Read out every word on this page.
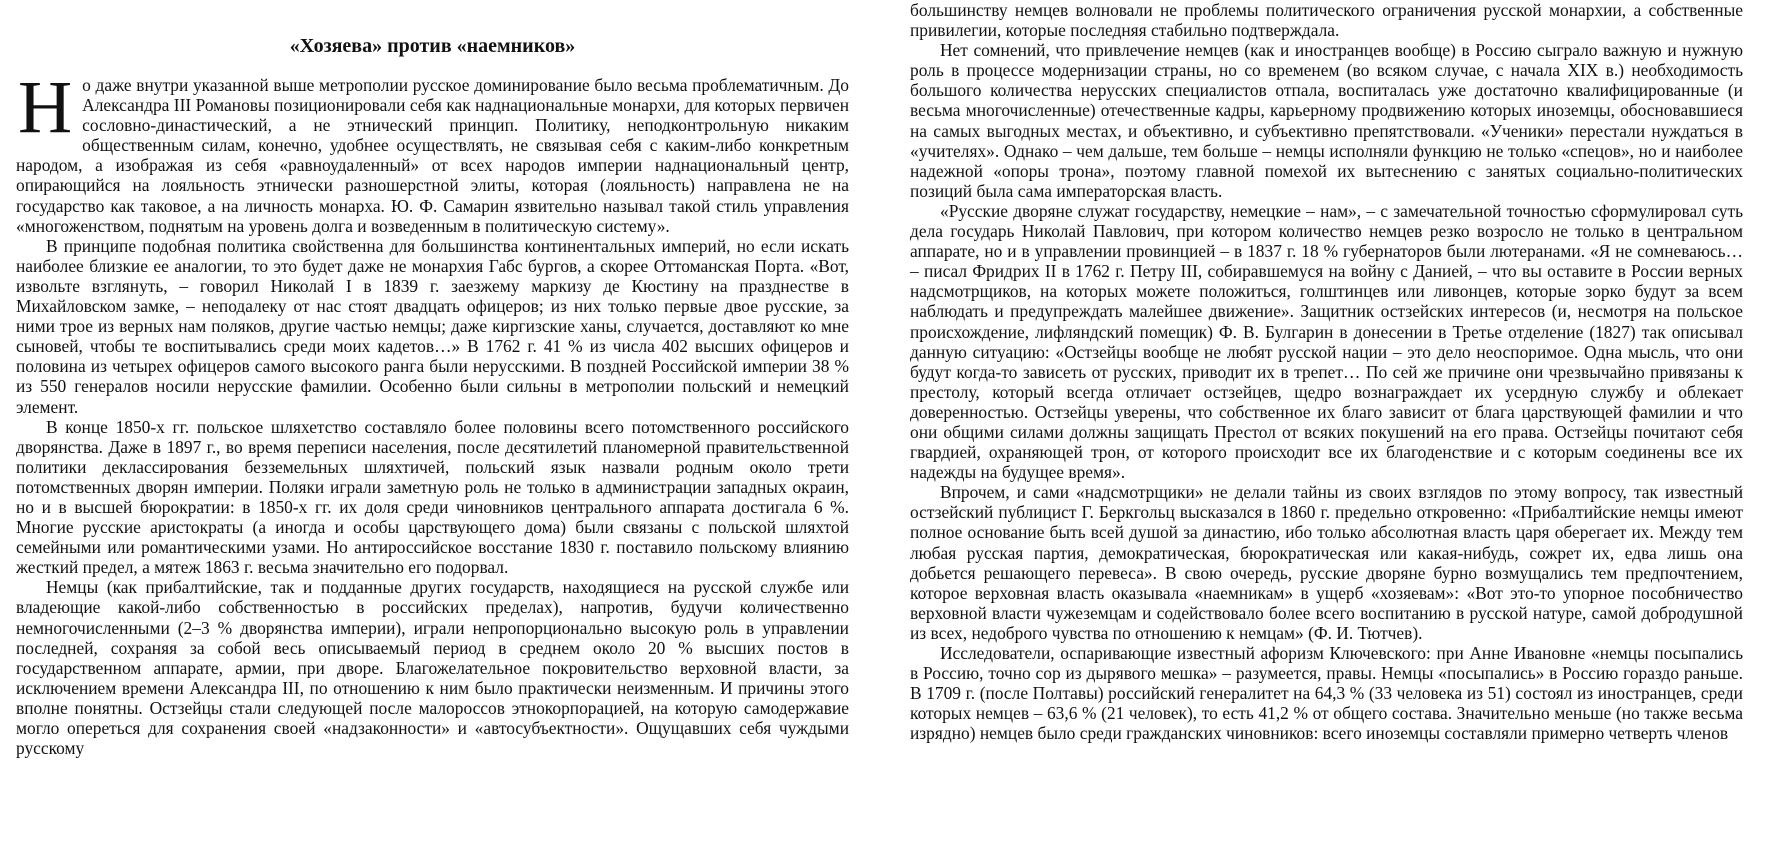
«Хозяева» против «наемников»

Но даже внутри указанной выше метрополии русское доминирование было весьма проблематичным. До Александра III Романовы позиционировали себя как наднациональные монархи, для которых первичен сословно-династический, а не этнический принцип. Политику, неподконтрольную никаким общественным силам, конечно, удобнее осуществлять, не связывая себя с каким-либо конкретным народом, а изображая из себя «равноудаленный» от всех народов империи наднациональный центр, опирающийся на лояльность этнически разношерстной элиты, которая (лояльность) направлена не на государство как таковое, а на личность монарха. Ю. Ф. Самарин язвительно называл такой стиль управления «многоженством, поднятым на уровень долга и возведенным в политическую систему».

В принципе подобная политика свойственна для большинства континентальных империй, но если искать наиболее близкие ее аналогии, то это будет даже не монархия Габс бургов, а скорее Оттоманская Порта. «Вот, извольте взглянуть, – говорил Николай I в 1839 г. заезжему маркизу де Кюстину на празднестве в Михайловском замке, – неподалеку от нас стоят двадцать офицеров; из них только первые двое русские, за ними трое из верных нам поляков, другие частью немцы; даже киргизские ханы, случается, доставляют ко мне сыновей, чтобы те воспитывались среди моих кадетов…» В 1762 г. 41 % из числа 402 высших офицеров и половина из четырех офицеров самого высокого ранга были нерусскими. В поздней Российской империи 38 % из 550 генералов носили нерусские фамилии. Особенно были сильны в метрополии польский и немецкий элемент.

В конце 1850-х гг. польское шляхетство составляло более половины всего потомственного российского дворянства. Даже в 1897 г., во время переписи населения, после десятилетий планомерной правительственной политики деклассирования безземельных шляхтичей, польский язык назвали родным около трети потомственных дворян империи. Поляки играли заметную роль не только в администрации западных окраин, но и в высшей бюрократии: в 1850-х гг. их доля среди чиновников центрального аппарата достигала 6 %. Многие русские аристократы (а иногда и особы царствующего дома) были связаны с польской шляхтой семейными или романтическими узами. Но антироссийское восстание 1830 г. поставило польскому влиянию жесткий предел, а мятеж 1863 г. весьма значительно его подорвал.

Немцы (как прибалтийские, так и подданные других государств, находящиеся на русской службе или владеющие какой-либо собственностью в российских пределах), напротив, будучи количественно немногочисленными (2–3 % дворянства империи), играли непропорционально высокую роль в управлении последней, сохраняя за собой весь описываемый период в среднем около 20 % высших постов в государственном аппарате, армии, при дворе. Благожелательное покровительство верховной власти, за исключением времени Александра III, по отношению к ним было практически неизменным. И причины этого вполне понятны. Остзейцы стали следующей после малороссов этнокорпорацией, на которую самодержавие могло опереться для сохранения своей «надзаконности» и «автосубъектности». Ощущавших себя чуждыми русскому

большинству немцев волновали не проблемы политического ограничения русской монархии, а собственные привилегии, которые последняя стабильно подтверждала.

Нет сомнений, что привлечение немцев (как и иностранцев вообще) в Россию сыграло важную и нужную роль в процессе модернизации страны, но со временем (во всяком случае, с начала XIX в.) необходимость большого количества нерусских специалистов отпала, воспиталась уже достаточно квалифицированные (и весьма многочисленные) отечественные кадры, карьерному продвижению которых иноземцы, обосновавшиеся на самых выгодных местах, и объективно, и субъективно препятствовали. «Ученики» перестали нуждаться в «учителях». Однако – чем дальше, тем больше – немцы исполняли функцию не только «спецов», но и наиболее надежной «опоры трона», поэтому главной помехой их вытеснению с занятых социально-политических позиций была сама императорская власть.

«Русские дворяне служат государству, немецкие – нам», – с замечательной точностью сформулировал суть дела государь Николай Павлович, при котором количество немцев резко возросло не только в центральном аппарате, но и в управлении провинцией – в 1837 г. 18 % губернаторов были лютеранами. «Я не сомневаюсь… – писал Фридрих II в 1762 г. Петру III, собиравшемуся на войну с Данией, – что вы оставите в России верных надсмотрщиков, на которых можете положиться, голштинцев или ливонцев, которые зорко будут за всем наблюдать и предупреждать малейшее движение». Защитник остзейских интересов (и, несмотря на польское происхождение, лифляндский помещик) Ф. В. Булгарин в донесении в Третье отделение (1827) так описывал данную ситуацию: «Остзейцы вообще не любят русской нации – это дело неоспоримое. Одна мысль, что они будут когда-то зависеть от русских, приводит их в трепет… По сей же причине они чрезвычайно привязаны к престолу, который всегда отличает остзейцев, щедро вознаграждает их усердную службу и облекает доверенностью. Остзейцы уверены, что собственное их благо зависит от блага царствующей фамилии и что они общими силами должны защищать Престол от всяких покушений на его права. Остзейцы почитают себя гвардией, охраняющей трон, от которого происходит все их благоденствие и с которым соединены все их надежды на будущее время».

Впрочем, и сами «надсмотрщики» не делали тайны из своих взглядов по этому вопросу, так известный остзейский публицист Г. Беркгольц высказался в 1860 г. предельно откровенно: «Прибалтийские немцы имеют полное основание быть всей душой за династию, ибо только абсолютная власть царя оберегает их. Между тем любая русская партия, демократическая, бюрократическая или какая-нибудь, сожрет их, едва лишь она добьется решающего перевеса». В свою очередь, русские дворяне бурно возмущались тем предпочтением, которое верховная власть оказывала «наемникам» в ущерб «хозяевам»: «Вот это-то упорное пособничество верховной власти чужеземцам и содействовало более всего воспитанию в русской натуре, самой добродушной из всех, недоброго чувства по отношению к немцам» (Ф. И. Тютчев).

Исследователи, оспаривающие известный афоризм Ключевского: при Анне Ивановне «немцы посыпались в Россию, точно сор из дырявого мешка» – разумеется, правы. Немцы «посыпались» в Россию гораздо раньше. В 1709 г. (после Полтавы) российский генералитет на 64,3 % (33 человека из 51) состоял из иностранцев, среди которых немцев – 63,6 % (21 человек), то есть 41,2 % от общего состава. Значительно меньше (но также весьма изрядно) немцев было среди гражданских чиновников: всего иноземцы составляли примерно четверть членов
